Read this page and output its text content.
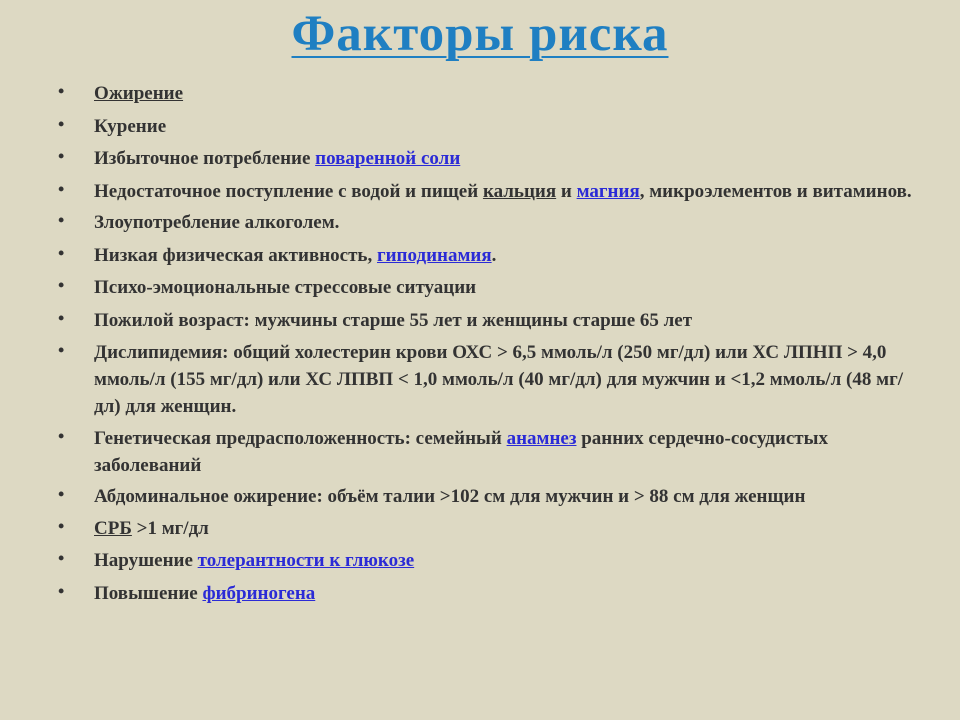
Факторы риска
• Ожирение
• Курение
• Избыточное потребление поваренной соли
• Недостаточное поступление с водой и пищей кальция и магния, микроэлементов и витаминов.
• Злоупотребление алкоголем.
• Низкая физическая активность, гиподинамия.
• Психо-эмоциональные стрессовые ситуации
• Пожилой возраст: мужчины старше 55 лет и женщины старше 65 лет
• Дислипидемия: общий холестерин крови ОХС > 6,5 ммоль/л (250 мг/дл) или ХС ЛПНП > 4,0 ммоль/л (155 мг/дл) или ХС ЛПВП < 1,0 ммоль/л (40 мг/дл) для мужчин и <1,2 ммоль/л (48 мг/дл) для женщин.
• Генетическая предрасположенность: семейный анамнез ранних сердечно-сосудистых заболеваний
• Абдоминальное ожирение: объём талии >102 см для мужчин и > 88 см для женщин
• СРБ >1 мг/дл
• Нарушение толерантности к глюкозе
• Повышение фибриногена
